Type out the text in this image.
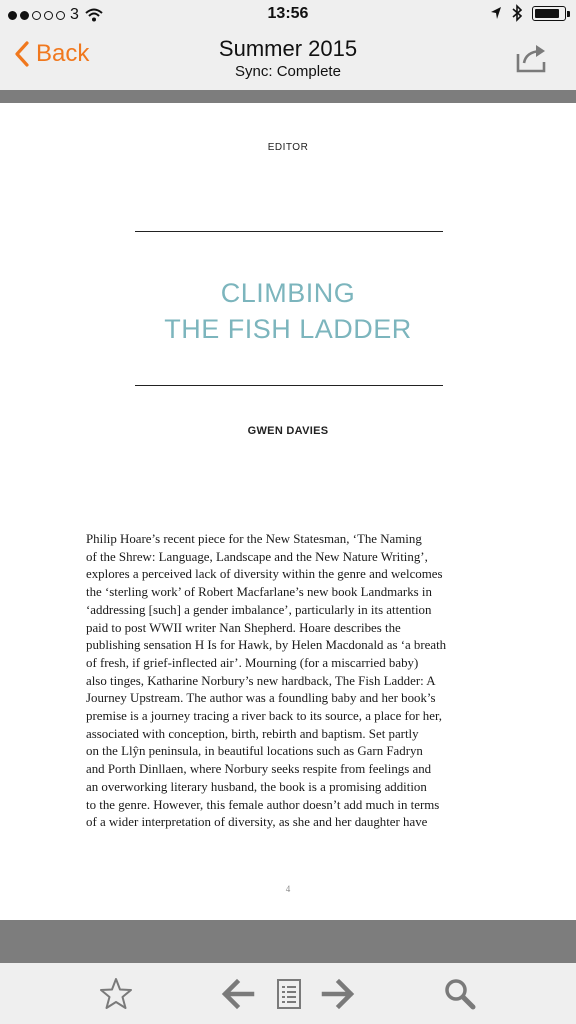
3	13:56
Back	Summer 2015
Sync: Complete
EDITOR
CLIMBING
THE FISH LADDER
GWEN DAVIES

Philip Hoare’s recent piece for the New Statesman, ‘The Naming

of the Shrew: Language, Landscape and the New Nature Writing’,

explores a perceived lack of diversity within the genre and welcomes

the ‘sterling work’ of Robert Macfarlane’s new book Landmarks in

‘addressing [such] a gender imbalance’, particularly in its attention

paid to post WWII writer Nan Shepherd. Hoare describes the

publishing sensation H Is for Hawk, by Helen Macdonald as ‘a breath

of fresh, if grief-inflected air’. Mourning (for a miscarried baby)

also tinges, Katharine Norbury’s new hardback, The Fish Ladder: A

Journey Upstream. The author was a foundling baby and her book’s

premise is a journey tracing a river back to its source, a place for her,

associated with conception, birth, rebirth and baptism. Set partly

on the Llŷn peninsula, in beautiful locations such as Garn Fadryn

and Porth Dinllaen, where Norbury seeks respite from feelings and

an overworking literary husband, the book is a promising addition

to the genre. However, this female author doesn’t add much in terms

of a wider interpretation of diversity, as she and her daughter have

4
